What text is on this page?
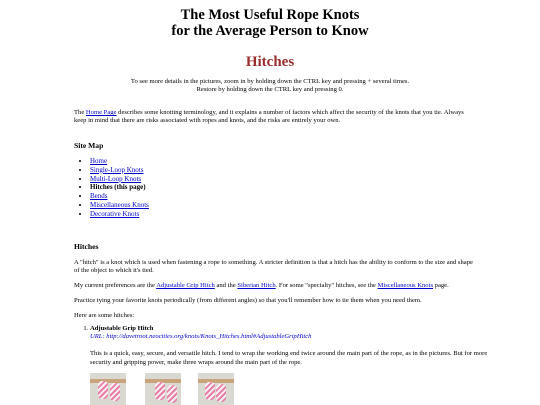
The Most Useful Rope Knots
for the Average Person to Know
Hitches
To see more details in the pictures, zoom in by holding down the CTRL key and pressing + several times.
Restore by holding down the CTRL key and pressing 0.
The Home Page describes some knotting terminology, and it explains a number of factors which affect the security of the knots that you tie. Always keep in mind that there are risks associated with ropes and knots, and the risks are entirely your own.
Site Map
• Home
• Single-Loop Knots
• Multi-Loop Knots
• Hitches (this page)
• Bends
• Miscellaneous Knots
• Decorative Knots
Hitches
A "hitch" is a knot which is used when fastening a rope to something. A stricter definition is that a hitch has the ability to conform to the size and shape of the object to which it's tied.
My current preferences are the Adjustable Grip Hitch and the Siberian Hitch. For some "specialty" hitches, see the Miscellaneous Knots page.
Practice tying your favorite knots periodically (from different angles) so that you'll remember how to tie them when you need them.
Here are some hitches:
1. Adjustable Grip Hitch
URL: http://davetroot.neocities.org/knots/Knots_Hitches.html#AdjustableGripHitch
This is a quick, easy, secure, and versatile hitch. I tend to wrap the working end twice around the main part of the rope, as in the pictures. But for more security and gripping power, make three wraps around the main part of the rope.
